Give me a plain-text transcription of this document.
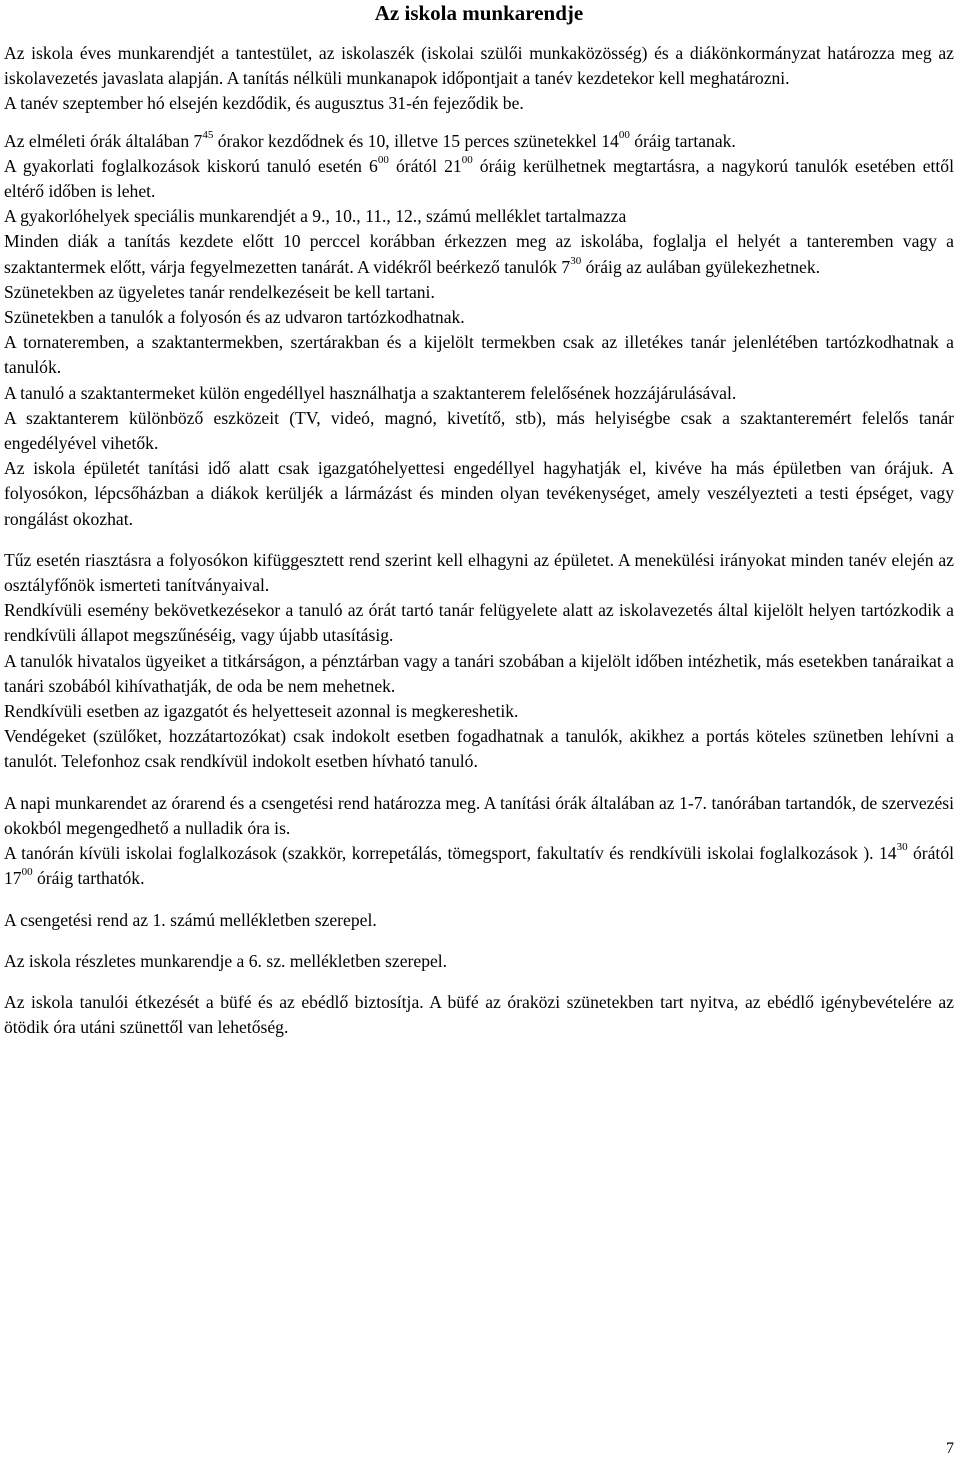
Az iskola munkarendje

Az iskola éves munkarendjét a tantestület, az iskolaszék (iskolai szülői munkaközösség) és a diákönkormányzat határozza meg az iskolavezetés javaslata alapján. A tanítás nélküli munkanapok időpontjait a tanév kezdetekor kell meghatározni.

A tanév szeptember hó elsején kezdődik, és augusztus 31-én fejeződik be.

Az elméleti órák általában $7^{45}$ órakor kezdődnek és 10, illetve 15 perces szünetekkel $14^{00}$ óráig tartanak.

A gyakorlati foglalkozások kiskorú tanuló esetén $6^{00}$ órától $21^{00}$ óráig kerülhetnek megtartásra, a nagykorú tanulók esetében ettől eltérő időben is lehet.

A gyakorlóhelyek speciális munkarendjét a 9., 10., 11., 12., számú melléklet tartalmazza

Minden diák a tanítás kezdete előtt 10 perccel korábban érkezzen meg az iskolába, foglalja el helyét a tanteremben vagy a szaktantermek előtt, várja fegyelmezetten tanárát. A vidékről beérkező tanulók $7^{30}$ óráig az aulában gyülekezhetnek.

Szünetekben az ügyeletes tanár rendelkezéseit be kell tartani.

Szünetekben a tanulók a folyosón és az udvaron tartózkodhatnak.

A tornateremben, a szaktantermekben, szertárakban és a kijelölt termekben csak az illetékes tanár jelenlétében tartózkodhatnak a tanulók.

A tanuló a szaktantermeket külön engedéllyel használhatja a szaktanterem felelősének hozzájárulásával.

A szaktanterem különböző eszközeit (TV, videó, magnó, kivetítő, stb), más helyiségbe csak a szaktanteremért felelős tanár engedélyével vihetők.

Az iskola épületét tanítási idő alatt csak igazgatóhelyettesi engedéllyel hagyhatják el, kivéve ha más épületben van órájuk. A folyosókon, lépcsőházban a diákok kerüljék a lármázást és minden olyan tevékenységet, amely veszélyezteti a testi épséget, vagy rongálást okozhat.

Tűz esetén riasztásra a folyosókon kifüggesztett rend szerint kell elhagyni az épületet. A menekülési irányokat minden tanév elején az osztályfőnök ismerteti tanítványaival.

Rendkívüli esemény bekövetkezésekor a tanuló az órát tartó tanár felügyelete alatt az iskolavezetés által kijelölt helyen tartózkodik a rendkívüli állapot megszűnéséig, vagy újabb utasításig.

A tanulók hivatalos ügyeiket a titkárságon, a pénztárban vagy a tanári szobában a kijelölt időben intézhetik, más esetekben tanáraikat a tanári szobából kihívathatják, de oda be nem mehetnek.

Rendkívüli esetben az igazgatót és helyetteseit azonnal is megkereshetik.

Vendégeket (szülőket, hozzátartozókat) csak indokolt esetben fogadhatnak a tanulók, akikhez a portás köteles szünetben lehívni a tanulót. Telefonhoz csak rendkívül indokolt esetben hívható tanuló.

A napi munkarendet az órarend és a csengetési rend határozza meg. A tanítási órák általában az 1-7. tanórában tartandók, de szervezési okokból megengedhető a nulladik óra is.

A tanórán kívüli iskolai foglalkozások (szakkör, korrepetálás, tömegsport, fakultatív és rendkívüli iskolai foglalkozások ). $14^{30}$ órától $17^{00}$ óráig tarthatók.

A csengetési rend az 1. számú mellékletben szerepel.

Az iskola részletes munkarendje a 6. sz. mellékletben szerepel.

Az iskola tanulói étkezését a büfé és az ebédlő biztosítja. A büfé az óraközi szünetekben tart nyitva, az ebédlő igénybevételére az ötödik óra utáni szünettől van lehetőség.

7
